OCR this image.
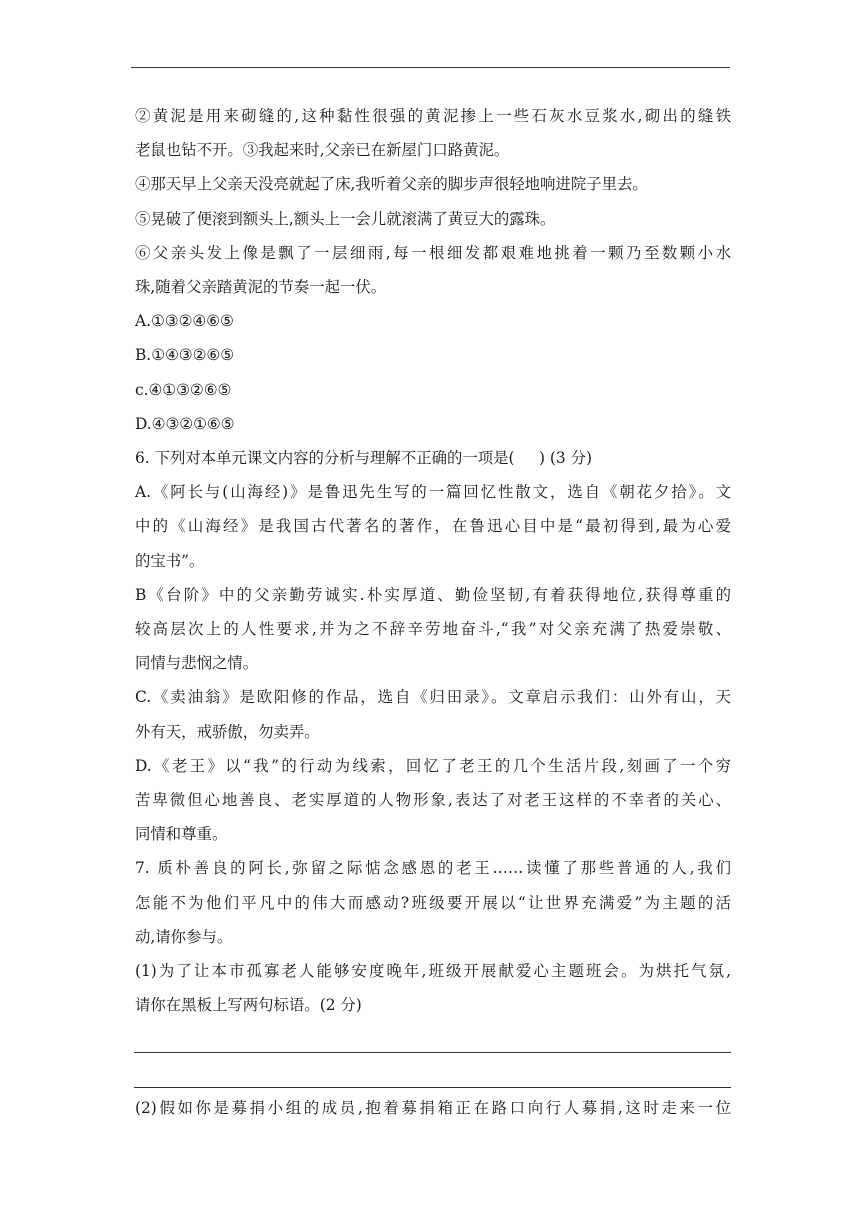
②黄泥是用来砌缝的,这种黏性很强的黄泥掺上一些石灰水豆浆水,砌出的缝铁

老鼠也钻不开。③我起来时,父亲已在新屋门口路黄泥。

④那天早上父亲天没亮就起了床,我听着父亲的脚步声很轻地响进院子里去。

⑤晃破了便滚到额头上,额头上一会儿就滚满了黄豆大的露珠。

⑥父亲头发上像是飘了一层细雨,每一根细发都艰难地挑着一颗乃至数颗小水

珠,随着父亲踏黄泥的节奏一起一伏。

A.①③②④⑥⑤

B.①④③②⑥⑤

c.④①③②⑥⑤

D.④③②①⑥⑤

6. 下列对本单元课文内容的分析与理解不正确的一项是(     ) (3 分)

A.《阿长与(山海经)》是鲁迅先生写的一篇回忆性散文，选自《朝花夕拾》。文

中的《山海经》是我国古代著名的著作，在鲁迅心目中是“最初得到,最为心爱

的宝书”。

B《台阶》中的父亲勤劳诚实.朴实厚道、勤俭坚韧,有着获得地位,获得尊重的

较高层次上的人性要求,并为之不辞辛劳地奋斗,“我”对父亲充满了热爱崇敬、

同情与悲悯之情。

C.《卖油翁》是欧阳修的作品，选自《归田录》。文章启示我们：山外有山，天

外有天，戒骄傲，勿卖弄。

D.《老王》以“我”的行动为线索，回忆了老王的几个生活片段,刻画了一个穷

苦卑微但心地善良、老实厚道的人物形象,表达了对老王这样的不幸者的关心、

同情和尊重。

7. 质朴善良的阿长,弥留之际惦念感恩的老王……读懂了那些普通的人,我们

怎能不为他们平凡中的伟大而感动?班级要开展以“让世界充满爱”为主题的活

动,请你参与。

(1)为了让本市孤寡老人能够安度晚年,班级开展献爱心主题班会。为烘托气氛,

请你在黑板上写两句标语。(2 分)

(2)假如你是募捐小组的成员,抱着募捐箱正在路口向行人募捐,这时走来一位
